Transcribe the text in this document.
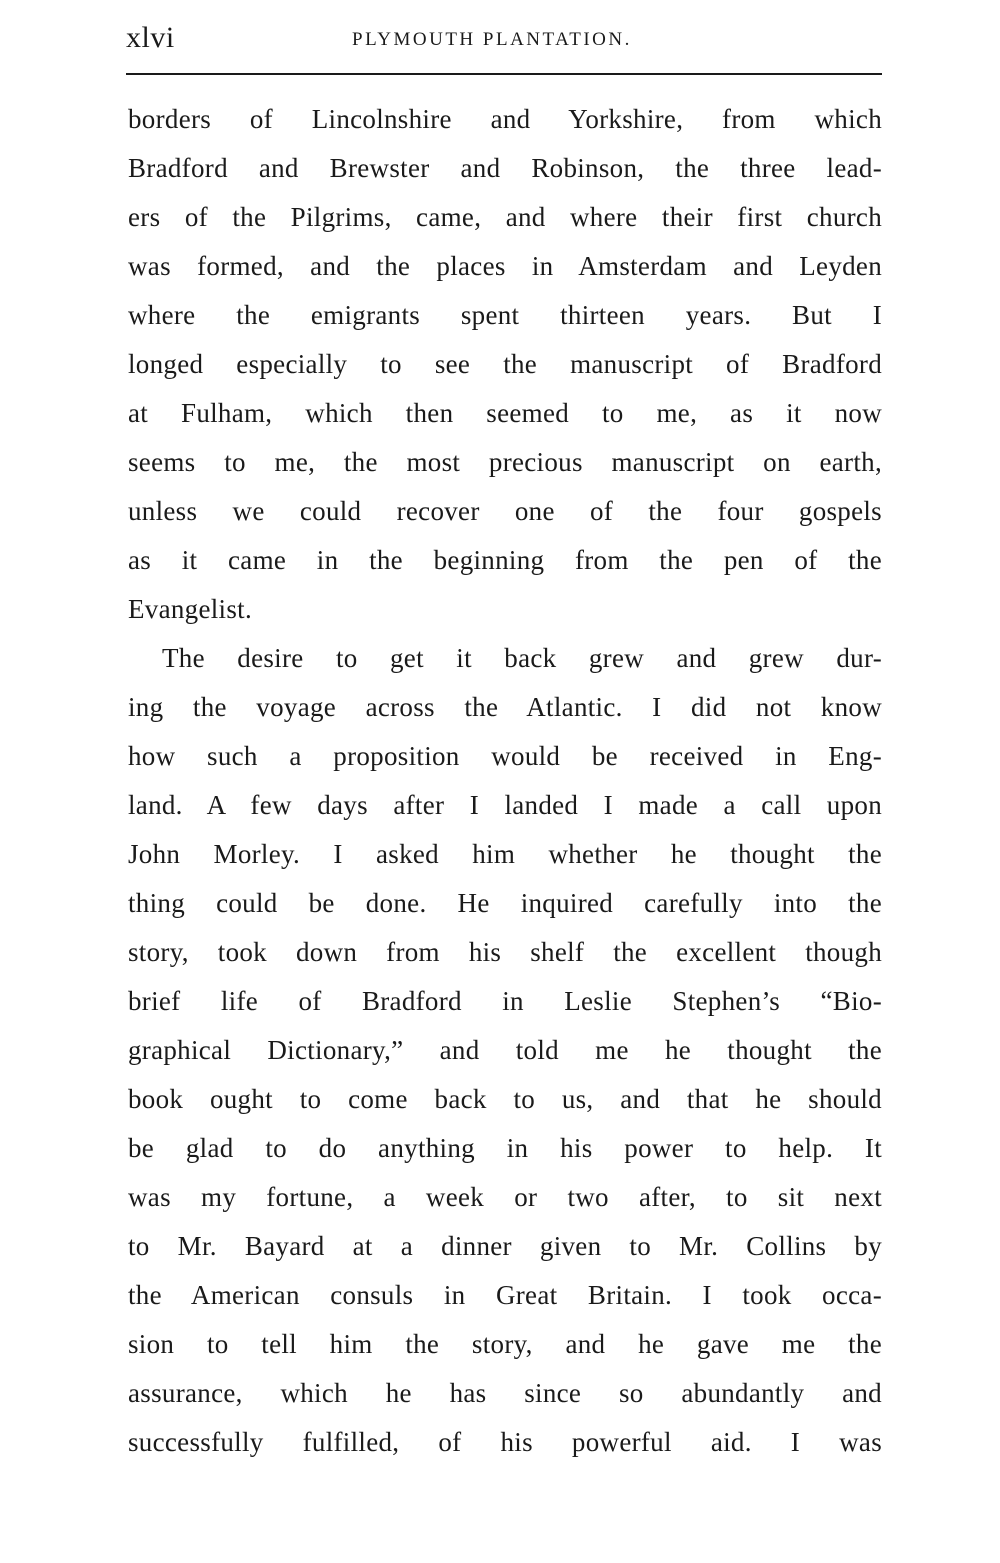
xlvi	PLYMOUTH PLANTATION.
borders of Lincolnshire and Yorkshire, from which
Bradford and Brewster and Robinson, the three lead-
ers of the Pilgrims, came, and where their first church
was formed, and the places in Amsterdam and Leyden
where the emigrants spent thirteen years. But I
longed especially to see the manuscript of Bradford
at Fulham, which then seemed to me, as it now
seems to me, the most precious manuscript on earth,
unless we could recover one of the four gospels
as it came in the beginning from the pen of the
Evangelist.
The desire to get it back grew and grew dur-
ing the voyage across the Atlantic. I did not know
how such a proposition would be received in Eng-
land. A few days after I landed I made a call upon
John Morley. I asked him whether he thought the
thing could be done. He inquired carefully into the
story, took down from his shelf the excellent though
brief life of Bradford in Leslie Stephen’s “Bio-
graphical Dictionary,” and told me he thought the
book ought to come back to us, and that he should
be glad to do anything in his power to help. It
was my fortune, a week or two after, to sit next
to Mr. Bayard at a dinner given to Mr. Collins by
the American consuls in Great Britain. I took occa-
sion to tell him the story, and he gave me the
assurance, which he has since so abundantly and
successfully fulfilled, of his powerful aid. I was
